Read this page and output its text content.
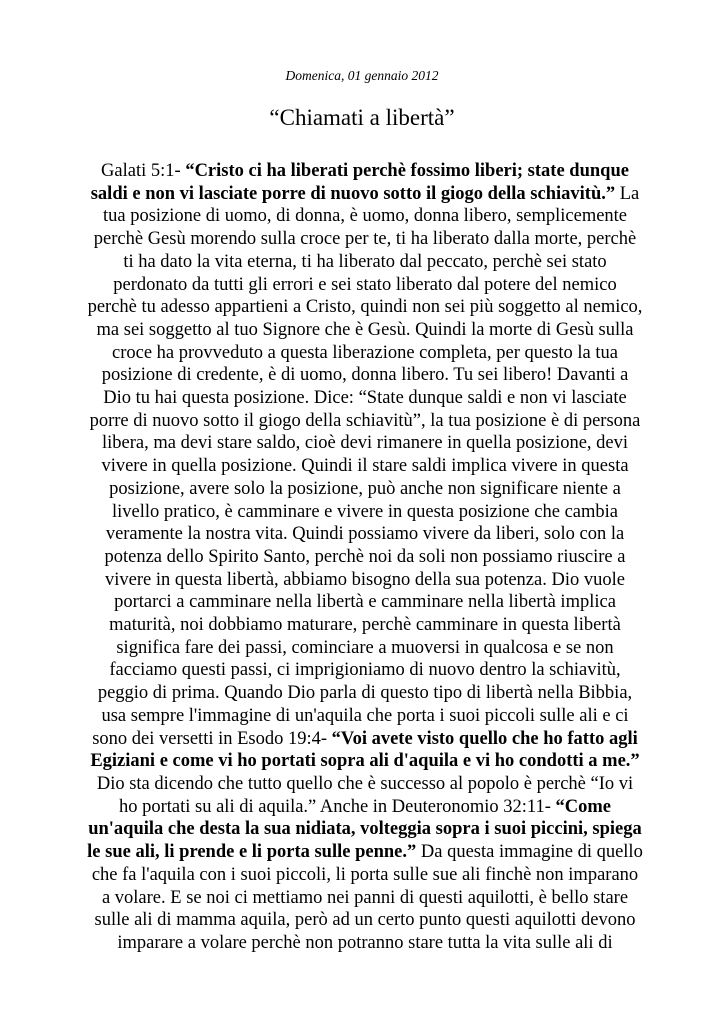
Domenica, 01 gennaio 2012
“Chiamati a libertà”
Galati 5:1- “Cristo ci ha liberati perchè fossimo liberi; state dunque
saldi e non vi lasciate porre di nuovo sotto il giogo della schiavitù.” La
tua posizione di uomo, di donna, è uomo, donna libero, semplicemente
perchè Gesù morendo sulla croce per te, ti ha liberato dalla morte, perchè
ti ha dato la vita eterna, ti ha liberato dal peccato, perchè sei stato
perdonato da tutti gli errori e sei stato liberato dal potere del nemico
perchè tu adesso appartieni a Cristo, quindi non sei più soggetto al nemico,
ma sei soggetto al tuo Signore che è Gesù. Quindi la morte di Gesù sulla
croce ha provveduto a questa liberazione completa, per questo la tua
posizione di credente, è di uomo, donna libero. Tu sei libero! Davanti a
Dio tu hai questa posizione. Dice: “State dunque saldi e non vi lasciate
porre di nuovo sotto il giogo della schiavitù”, la tua posizione è di persona
libera, ma devi stare saldo, cioè devi rimanere in quella posizione, devi
vivere in quella posizione. Quindi il stare saldi implica vivere in questa
posizione, avere solo la posizione, può anche non significare niente a
livello pratico, è camminare e vivere in questa posizione che cambia
veramente la nostra vita. Quindi possiamo vivere da liberi, solo con la
potenza dello Spirito Santo, perchè noi da soli non possiamo riuscire a
vivere in questa libertà, abbiamo bisogno della sua potenza. Dio vuole
portarci a camminare nella libertà e camminare nella libertà implica
maturità, noi dobbiamo maturare, perchè camminare in questa libertà
significa fare dei passi, cominciare a muoversi in qualcosa e se non
facciamo questi passi, ci imprigioniamo di nuovo dentro la schiavitù,
peggio di prima. Quando Dio parla di questo tipo di libertà nella Bibbia,
usa sempre l'immagine di un'aquila che porta i suoi piccoli sulle ali e ci
sono dei versetti in Esodo 19:4- “Voi avete visto quello che ho fatto agli
Egiziani e come vi ho portati sopra ali d'aquila e vi ho condotti a me.”
Dio sta dicendo che tutto quello che è successo al popolo è perchè “Io vi
ho portati su ali di aquila.” Anche in Deuteronomio 32:11- “Come
un'aquila che desta la sua nidiata, volteggia sopra i suoi piccini, spiega
le sue ali, li prende e li porta sulle penne.” Da questa immagine di quello
che fa l'aquila con i suoi piccoli, li porta sulle sue ali finchè non imparano
a volare. E se noi ci mettiamo nei panni di questi aquilotti, è bello stare
sulle ali di mamma aquila, però ad un certo punto questi aquilotti devono
imparare a volare perchè non potranno stare tutta la vita sulle ali di
